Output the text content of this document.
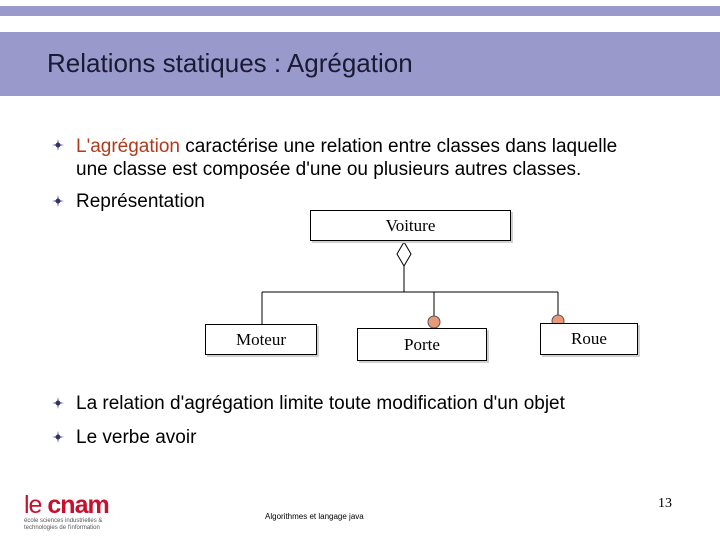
Relations statiques : Agrégation
L'agrégation caractérise une relation entre classes dans laquelle
une classe est composée d'une ou plusieurs autres classes.
Représentation
Voiture
Moteur	Porte	Roue
La relation d'agrégation limite toute modification d'un objet
Le verbe avoir
le cnam
école sciences industrielles &
technologies de l'information
Algorithmes et langage java
13
